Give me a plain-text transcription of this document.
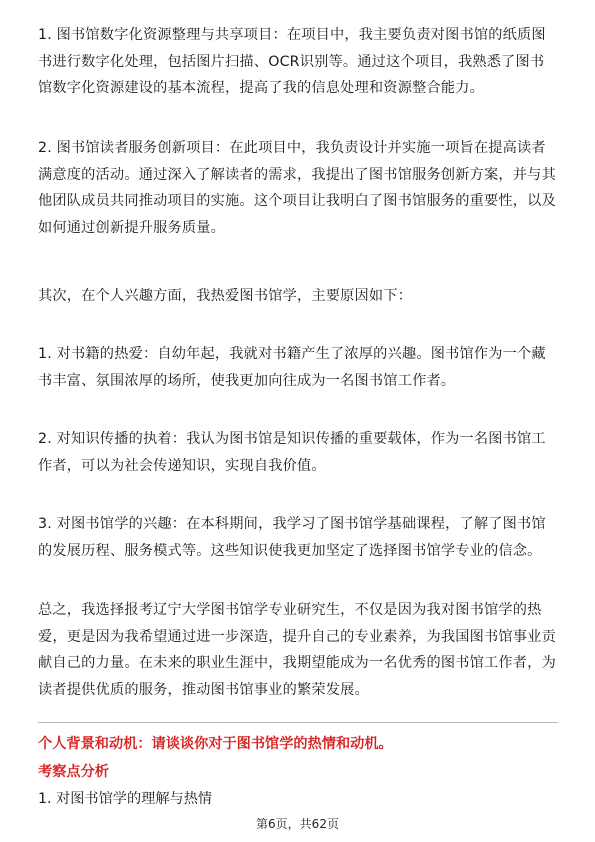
1. 图书馆数字化资源整理与共享项目：在项目中，我主要负责对图书馆的纸质图书进行数字化处理，包括图片扫描、OCR识别等。通过这个项目，我熟悉了图书馆数字化资源建设的基本流程，提高了我的信息处理和资源整合能力。

2. 图书馆读者服务创新项目：在此项目中，我负责设计并实施一项旨在提高读者满意度的活动。通过深入了解读者的需求，我提出了图书馆服务创新方案，并与其他团队成员共同推动项目的实施。这个项目让我明白了图书馆服务的重要性，以及如何通过创新提升服务质量。

其次，在个人兴趣方面，我热爱图书馆学，主要原因如下：

1. 对书籍的热爱：自幼年起，我就对书籍产生了浓厚的兴趣。图书馆作为一个藏书丰富、氛围浓厚的场所，使我更加向往成为一名图书馆工作者。

2. 对知识传播的执着：我认为图书馆是知识传播的重要载体，作为一名图书馆工作者，可以为社会传递知识，实现自我价值。

3. 对图书馆学的兴趣：在本科期间，我学习了图书馆学基础课程，了解了图书馆的发展历程、服务模式等。这些知识使我更加坚定了选择图书馆学专业的信念。

总之，我选择报考辽宁大学图书馆学专业研究生，不仅是因为我对图书馆学的热爱，更是因为我希望通过进一步深造，提升自己的专业素养，为我国图书馆事业贡献自己的力量。在未来的职业生涯中，我期望能成为一名优秀的图书馆工作者，为读者提供优质的服务，推动图书馆事业的繁荣发展。

个人背景和动机：请谈谈你对于图书馆学的热情和动机。

考察点分析

1. 对图书馆学的理解与热情

第6页，共62页
